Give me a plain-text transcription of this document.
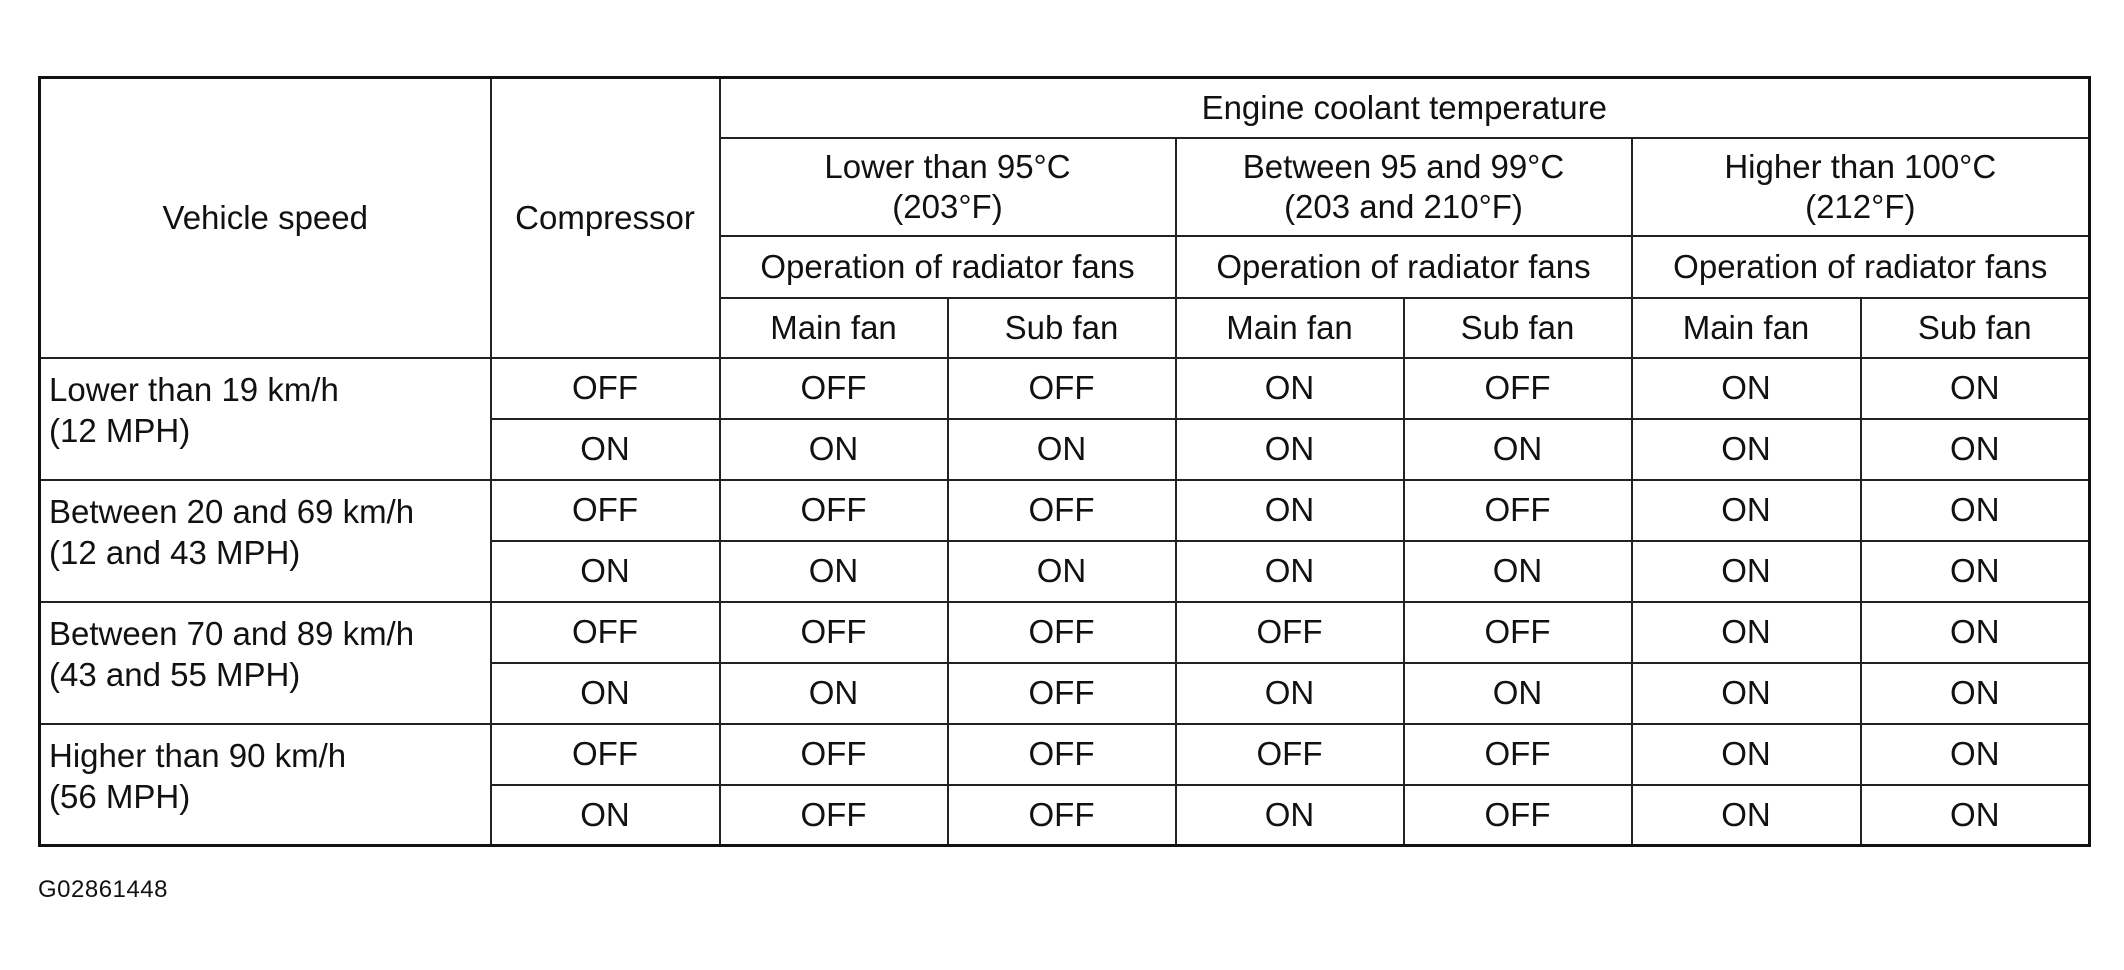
Vehicle speed	Compressor	Engine coolant temperature					

		Lower than 95°C
(203°F)		Between 95 and 99°C
(203 and 210°F)		Higher than 100°C
(212°F)	

		Operation of radiator fans		Operation of radiator fans		Operation of radiator fans	
		Main fan	Sub fan	Main fan	Sub fan	Main fan	Sub fan

Lower than 19 km/h
(12 MPH)	OFF	OFF	OFF	ON	OFF	ON	ON
	ON	ON	ON	ON	ON	ON	ON

Between 20 and 69 km/h
(12 and 43 MPH)	OFF	OFF	OFF	ON	OFF	ON	ON
	ON	ON	ON	ON	ON	ON	ON

Between 70 and 89 km/h
(43 and 55 MPH)	OFF	OFF	OFF	OFF	OFF	ON	ON
	ON	ON	OFF	ON	ON	ON	ON

Higher than 90 km/h
(56 MPH)	OFF	OFF	OFF	OFF	OFF	ON	ON
	ON	OFF	OFF	ON	OFF	ON	ON
G02861448
